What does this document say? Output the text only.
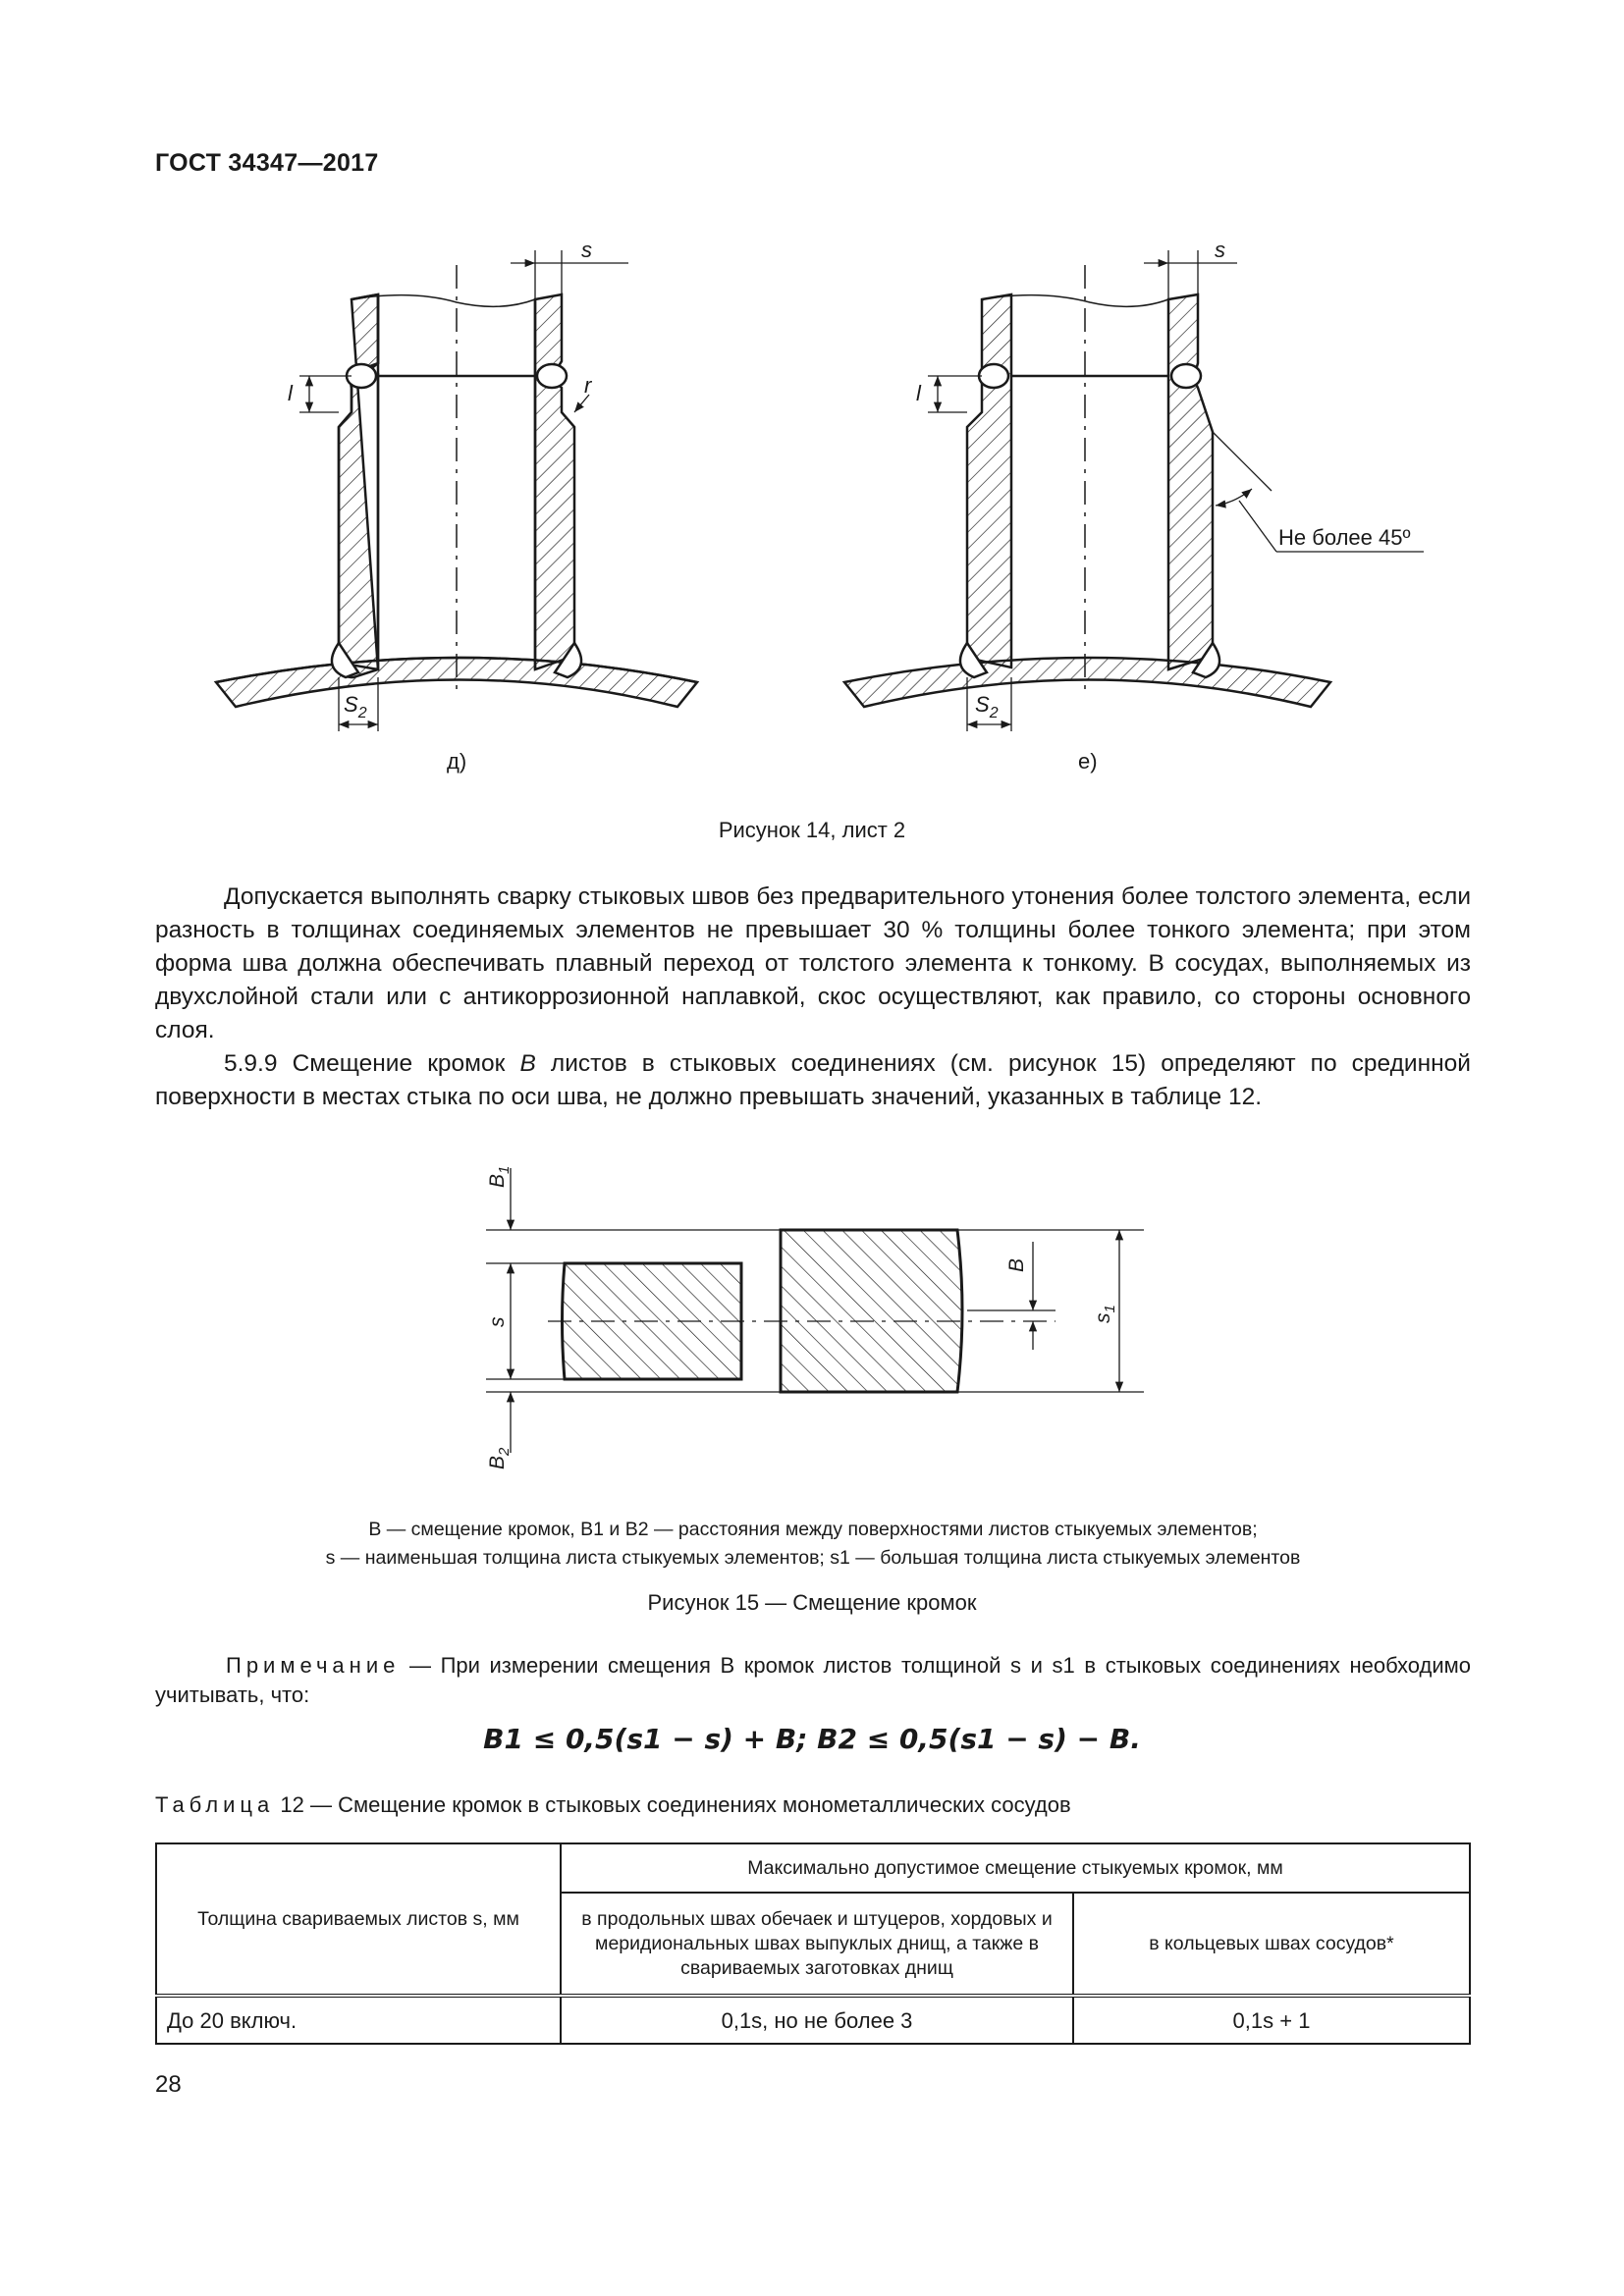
ГОСТ 34347—2017
s
l	r
$S_2$
д)
s
l
Не более 45º
$S_2$
е)
Рисунок 14, лист 2

Допускается выполнять сварку стыковых швов без предварительного утонения более толстого элемента, если разность в толщинах соединяемых элементов не превышает 30 % толщины более тонкого элемента; при этом форма шва должна обеспечивать плавный переход от толстого элемента к тонкому. В сосудах, выполняемых из двухслойной стали или с антикоррозионной наплавкой, скос осуществляют, как правило, со стороны основного слоя.

5.9.9 Смещение кромок B листов в стыковых соединениях (см. рисунок 15) определяют по срединной поверхности в местах стыка по оси шва, не должно превышать значений, указанных в таблице 12.

$B_1$
s
$B_2$
B
$s_1$
B — смещение кромок, B1 и B2 — расстояния между поверхностями листов стыкуемых элементов;
s — наименьшая толщина листа стыкуемых элементов; s1 — большая толщина листа стыкуемых элементов
Рисунок 15 — Смещение кромок
Примечание — При измерении смещения B кромок листов толщиной s и s1 в стыковых соединениях необходимо учитывать, что:
B1 ≤ 0,5(s1 − s) + B; B2 ≤ 0,5(s1 − s) − B.
Таблица 12 — Смещение кромок в стыковых соединениях монометаллических сосудов
Толщина свариваемых листов s, мм	Максимально допустимое смещение стыкуемых кромок, мм	
	в продольных швах обечаек и штуцеров, хордовых и меридиональных швах выпуклых днищ, а также в свариваемых заготовках днищ	в кольцевых швах сосудов*
До 20 включ.	0,1s, но не более 3	0,1s + 1
28
